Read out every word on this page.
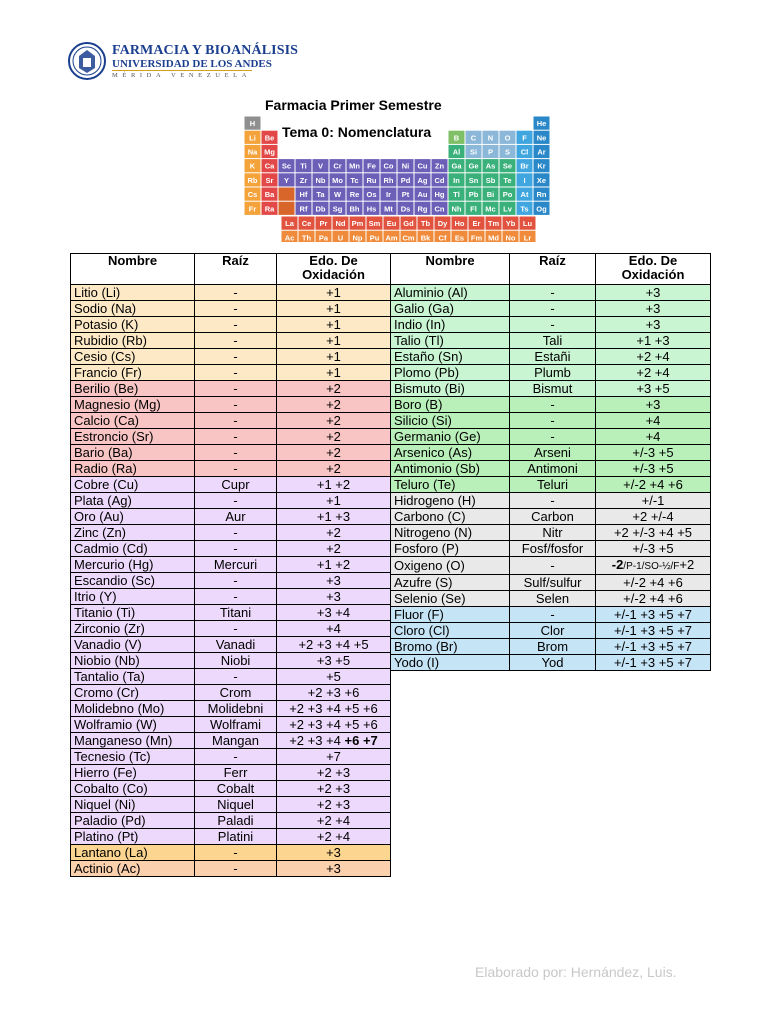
FARMACIA Y BIOANÁLISIS
UNIVERSIDAD DE LOS ANDES
MÉRIDA VENEZUELA
Farmacia Primer Semestre
H	He
Li Be	B C N O F Ne
Na Mg	Al Si P S Cl Ar
K Ca Sc Ti V Cr Mn Fe Co Ni Cu Zn Ga Ge As Se Br Kr
Rb Sr Y Zr Nb Mo Tc Ru Rh Pd Ag Cd In Sn Sb Te I Xe
Cs Ba	Hf Ta W Re Os Ir Pt Au Hg Tl Pb Bi Po At Rn
Fr Ra	Rf Db Sg Bh Hs Mt Ds Rg Cn Nh Fl Mc Lv Ts Og
La Ce Pr Nd Pm Sm Eu Gd Tb Dy Ho Er Tm Yb Lu
Ac Th Pa U Np Pu Am Cm Bk Cf Es Fm Md No Lr
Tema 0: Nomenclatura
Nombre	Raíz	Edo. De Oxidación
Litio (Li)	-	+1
Sodio (Na)	-	+1
Potasio (K)	-	+1
Rubidio (Rb)	-	+1
Cesio (Cs)	-	+1
Francio (Fr)	-	+1
Berilio (Be)	-	+2
Magnesio (Mg)	-	+2
Calcio (Ca)	-	+2
Estroncio (Sr)	-	+2
Bario (Ba)	-	+2
Radio (Ra)	-	+2
Cobre (Cu)	Cupr	+1 +2
Plata (Ag)	-	+1
Oro (Au)	Aur	+1 +3
Zinc (Zn)	-	+2
Cadmio (Cd)	-	+2
Mercurio (Hg)	Mercuri	+1 +2
Escandio (Sc)	-	+3
Itrio (Y)	-	+3
Titanio (Ti)	Titani	+3 +4
Zirconio (Zr)	-	+4
Vanadio (V)	Vanadi	+2 +3 +4 +5
Niobio (Nb)	Niobi	+3 +5
Tantalio (Ta)	-	+5
Cromo (Cr)	Crom	+2 +3 +6
Molidebno (Mo)	Molidebni	+2 +3 +4 +5 +6
Wolframio (W)	Wolframi	+2 +3 +4 +5 +6
Manganeso (Mn)	Mangan	+2 +3 +4 +6 +7
Tecnesio (Tc)	-	+7
Hierro (Fe)	Ferr	+2 +3
Cobalto (Co)	Cobalt	+2 +3
Niquel (Ni)	Niquel	+2 +3
Paladio (Pd)	Paladi	+2 +4
Platino (Pt)	Platini	+2 +4
Lantano (La)	-	+3
Actinio (Ac)	-	+3
Nombre	Raíz	Edo. De Oxidación
Aluminio (Al)	-	+3
Galio (Ga)	-	+3
Indio (In)	-	+3
Talio (Tl)	Tali	+1 +3
Estaño (Sn)	Estañi	+2 +4
Plomo (Pb)	Plumb	+2 +4
Bismuto (Bi)	Bismut	+3 +5
Boro (B)	-	+3
Silicio (Si)	-	+4
Germanio (Ge)	-	+4
Arsenico (As)	Arseni	+/-3 +5
Antimonio (Sb)	Antimoni	+/-3 +5
Teluro (Te)	Teluri	+/-2 +4 +6
Hidrogeno (H)	-	+/-1
Carbono (C)	Carbon	+2 +/-4
Nitrogeno (N)	Nitr	+2 +/-3 +4 +5
Fosforo (P)	Fosf/fosfor	+/-3 +5
Oxigeno (O)	-	-2/P-1/SO-½/F+2
Azufre (S)	Sulf/sulfur	+/-2 +4 +6
Selenio (Se)	Selen	+/-2 +4 +6
Fluor (F)	-	+/-1 +3 +5 +7
Cloro (Cl)	Clor	+/-1 +3 +5 +7
Bromo (Br)	Brom	+/-1 +3 +5 +7
Yodo (I)	Yod	+/-1 +3 +5 +7
Elaborado por: Hernández, Luis.
